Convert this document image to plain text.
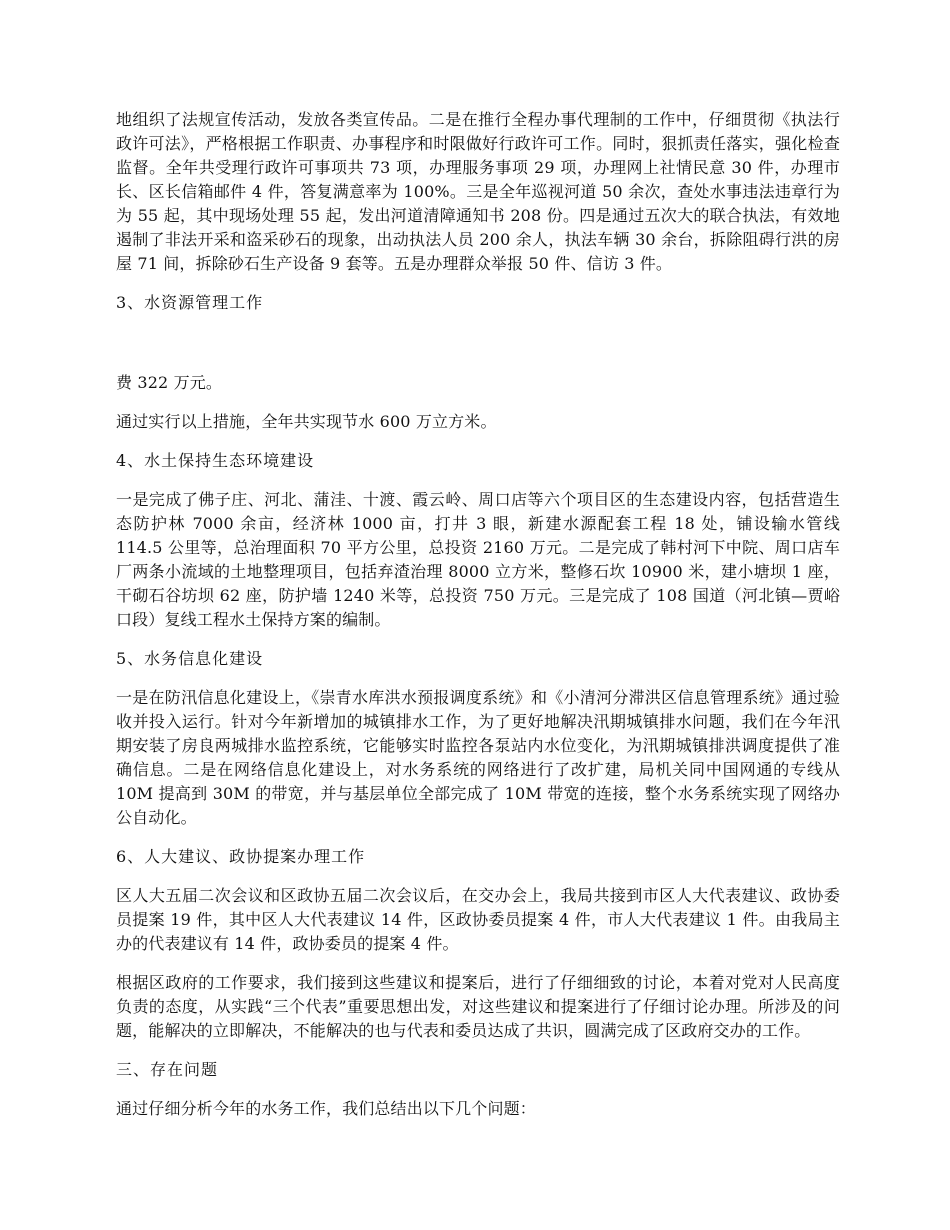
地组织了法规宣传活动，发放各类宣传品。二是在推行全程办事代理制的工作中，仔细贯彻《执法行政许可法》，严格根据工作职责、办事程序和时限做好行政许可工作。同时，狠抓责任落实，强化检查监督。全年共受理行政许可事项共 73 项，办理服务事项 29 项，办理网上社情民意 30 件，办理市长、区长信箱邮件 4 件，答复满意率为 100%。三是全年巡视河道 50 余次，查处水事违法违章行为为 55 起，其中现场处理 55 起，发出河道清障通知书 208 份。四是通过五次大的联合执法，有效地遏制了非法开采和盗采砂石的现象，出动执法人员 200 余人，执法车辆 30 余台，拆除阻碍行洪的房屋 71 间，拆除砂石生产设备 9 套等。五是办理群众举报 50 件、信访 3 件。

3、水资源管理工作

费 322 万元。

通过实行以上措施，全年共实现节水 600 万立方米。

4、水土保持生态环境建设

一是完成了佛子庄、河北、蒲洼、十渡、霞云岭、周口店等六个项目区的生态建设内容，包括营造生态防护林 7000 余亩，经济林 1000 亩，打井 3 眼，新建水源配套工程 18 处，铺设输水管线 114.5 公里等，总治理面积 70 平方公里，总投资 2160 万元。二是完成了韩村河下中院、周口店车厂两条小流域的土地整理项目，包括弃渣治理 8000 立方米，整修石坎 10900 米，建小塘坝 1 座，干砌石谷坊坝 62 座，防护墙 1240 米等，总投资 750 万元。三是完成了 108 国道（河北镇—贾峪口段）复线工程水土保持方案的编制。

5、水务信息化建设

一是在防汛信息化建设上，《崇青水库洪水预报调度系统》和《小清河分滞洪区信息管理系统》通过验收并投入运行。针对今年新增加的城镇排水工作，为了更好地解决汛期城镇排水问题，我们在今年汛期安装了房良两城排水监控系统，它能够实时监控各泵站内水位变化，为汛期城镇排洪调度提供了准确信息。二是在网络信息化建设上，对水务系统的网络进行了改扩建，局机关同中国网通的专线从 10M 提高到 30M 的带宽，并与基层单位全部完成了 10M 带宽的连接，整个水务系统实现了网络办公自动化。

6、人大建议、政协提案办理工作

区人大五届二次会议和区政协五届二次会议后，在交办会上，我局共接到市区人大代表建议、政协委员提案 19 件，其中区人大代表建议 14 件，区政协委员提案 4 件，市人大代表建议 1 件。由我局主办的代表建议有 14 件，政协委员的提案 4 件。

根据区政府的工作要求，我们接到这些建议和提案后，进行了仔细细致的讨论，本着对党对人民高度负责的态度，从实践“三个代表”重要思想出发，对这些建议和提案进行了仔细讨论办理。所涉及的问题，能解决的立即解决，不能解决的也与代表和委员达成了共识，圆满完成了区政府交办的工作。

三、存在问题

通过仔细分析今年的水务工作，我们总结出以下几个问题：
